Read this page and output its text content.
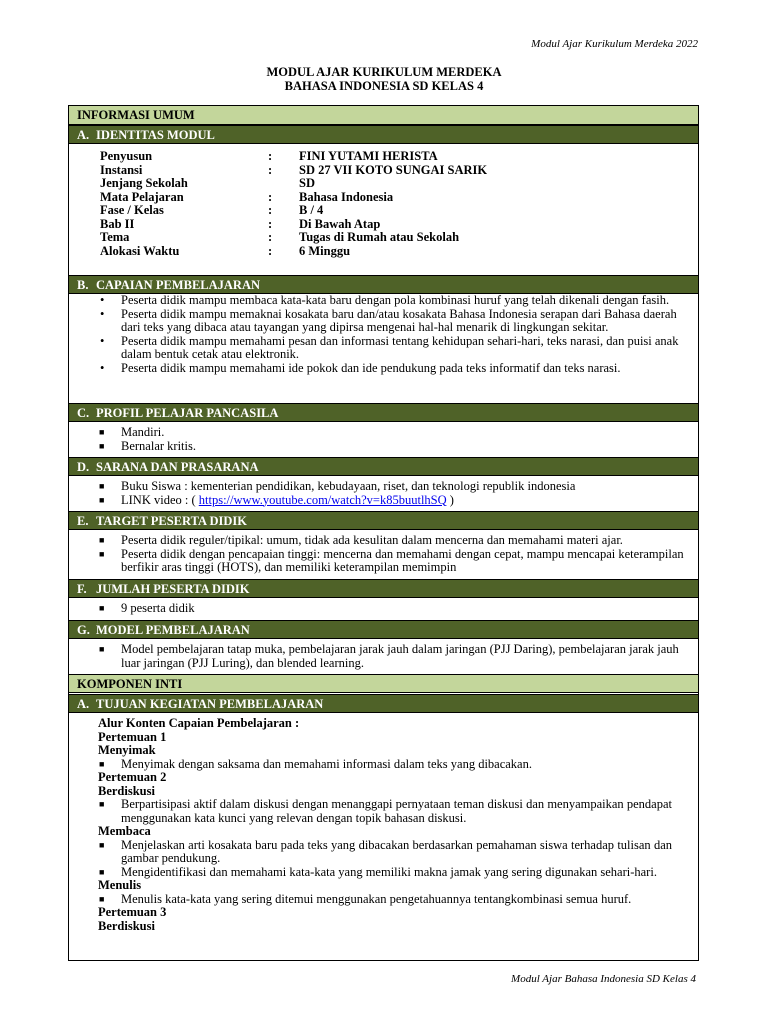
Modul Ajar Kurikulum Merdeka 2022
MODUL AJAR KURIKULUM MERDEKA
BAHASA INDONESIA SD KELAS 4
INFORMASI UMUM
A. IDENTITAS MODUL
Penyusun	:	FINI YUTAMI HERISTA
Instansi	:	SD 27 VII KOTO SUNGAI SARIK
Jenjang Sekolah	SD
Mata Pelajaran	:	Bahasa Indonesia
Fase / Kelas	:	B / 4
Bab II	:	Di Bawah Atap
Tema	:	Tugas di Rumah atau Sekolah
Alokasi Waktu	:	6 Minggu
B. CAPAIAN PEMBELAJARAN
• Peserta didik mampu membaca kata-kata baru dengan pola kombinasi huruf yang telah dikenali dengan fasih.
• Peserta didik mampu memaknai kosakata baru dan/atau kosakata Bahasa Indonesia serapan dari Bahasa daerah dari teks yang dibaca atau tayangan yang dipirsa mengenai hal-hal menarik di lingkungan sekitar.
• Peserta didik mampu memahami pesan dan informasi tentang kehidupan sehari-hari, teks narasi, dan puisi anak dalam bentuk cetak atau elektronik.
• Peserta didik mampu memahami ide pokok dan ide pendukung pada teks informatif dan teks narasi.
C. PROFIL PELAJAR PANCASILA
■ Mandiri.
■ Bernalar kritis.
D. SARANA DAN PRASARANA
■ Buku Siswa : kementerian pendidikan, kebudayaan, riset, dan teknologi republik indonesia
■ LINK video : ( https://www.youtube.com/watch?v=k85buutlhSQ )
E. TARGET PESERTA DIDIK
■ Peserta didik reguler/tipikal: umum, tidak ada kesulitan dalam mencerna dan memahami materi ajar.
■ Peserta didik dengan pencapaian tinggi: mencerna dan memahami dengan cepat, mampu mencapai keterampilan berfikir aras tinggi (HOTS), dan memiliki keterampilan memimpin
F. JUMLAH PESERTA DIDIK
■ 9 peserta didik
G. MODEL PEMBELAJARAN
■ Model pembelajaran tatap muka, pembelajaran jarak jauh dalam jaringan (PJJ Daring), pembelajaran jarak jauh luar jaringan (PJJ Luring), dan blended learning.
KOMPONEN INTI
A. TUJUAN KEGIATAN PEMBELAJARAN
Alur Konten Capaian Pembelajaran :
Pertemuan 1
Menyimak
■ Menyimak dengan saksama dan memahami informasi dalam teks yang dibacakan.
Pertemuan 2
Berdiskusi
■ Berpartisipasi aktif dalam diskusi dengan menanggapi pernyataan teman diskusi dan menyampaikan pendapat menggunakan kata kunci yang relevan dengan topik bahasan diskusi.
Membaca
■ Menjelaskan arti kosakata baru pada teks yang dibacakan berdasarkan pemahaman siswa terhadap tulisan dan gambar pendukung.
■ Mengidentifikasi dan memahami kata-kata yang memiliki makna jamak yang sering digunakan sehari-hari.
Menulis
■ Menulis kata-kata yang sering ditemui menggunakan pengetahuannya tentangkombinasi semua huruf.
Pertemuan 3
Berdiskusi
Modul Ajar Bahasa Indonesia SD Kelas 4
